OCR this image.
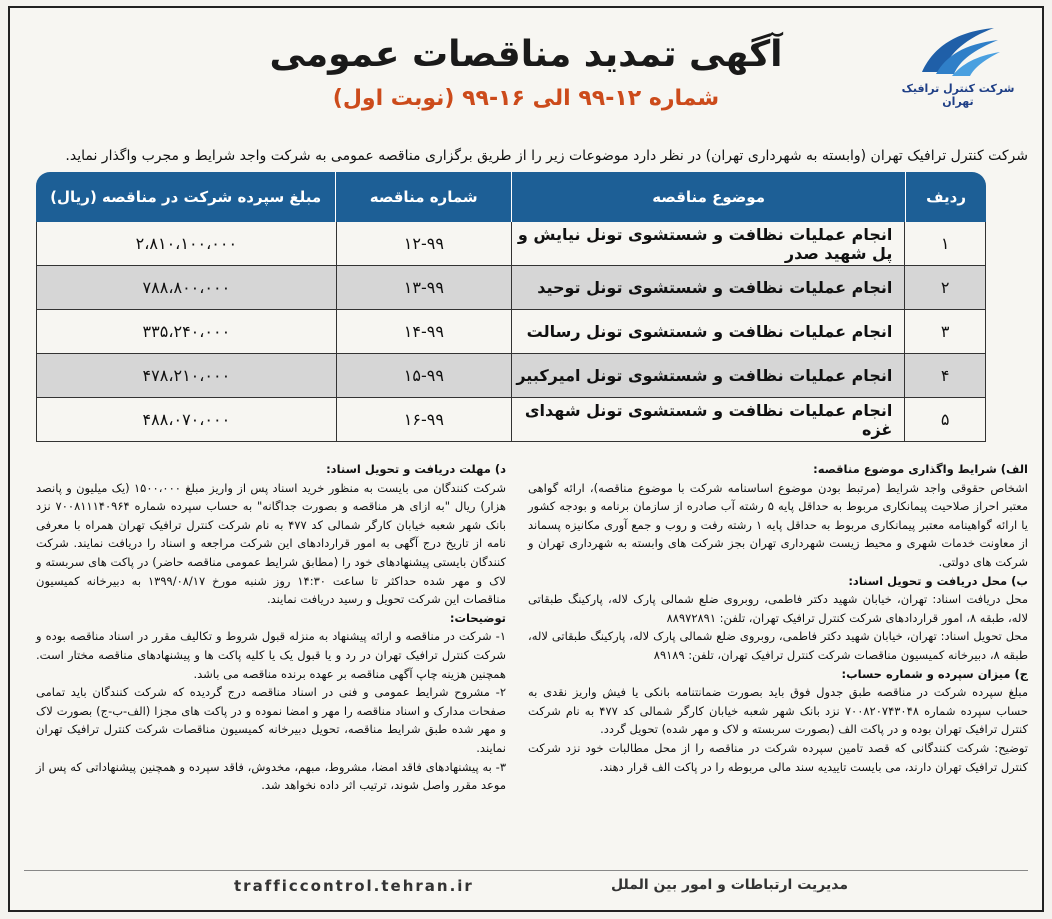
شرکت کنترل ترافیک تهران
آگهی تمدید مناقصات عمومی
شماره ۱۲-۹۹ الی ۱۶-۹۹ (نوبت اول)
شرکت کنترل ترافیک تهران (وابسته به شهرداری تهران) در نظر دارد موضوعات زیر را از طریق برگزاری مناقصه عمومی به شرکت واجد شرایط و مجرب واگذار نماید.
ردیف
موضوع مناقصه
شماره مناقصه
مبلغ سپرده شرکت در مناقصه (ریال)
۱
انجام عملیات نظافت و شستشوی تونل نیایش و پل شهید صدر
۱۲-۹۹
۲،۸۱۰،۱۰۰،۰۰۰
۲
انجام عملیات نظافت و شستشوی تونل توحید
۱۳-۹۹
۷۸۸،۸۰۰،۰۰۰
۳
انجام عملیات نظافت و شستشوی تونل رسالت
۱۴-۹۹
۳۳۵،۲۴۰،۰۰۰
۴
انجام عملیات نظافت و شستشوی تونل امیرکبیر
۱۵-۹۹
۴۷۸،۲۱۰،۰۰۰
۵
انجام عملیات نظافت و شستشوی تونل شهدای غزه
۱۶-۹۹
۴۸۸،۰۷۰،۰۰۰

الف) شرایط واگذاری موضوع مناقصه:

اشخاص حقوقی واجد شرایط (مرتبط بودن موضوع اساسنامه شرکت با موضوع مناقصه)، ارائه گواهی معتبر احراز صلاحیت پیمانکاری مربوط به حداقل پایه ۵ رشته آب صادره از سازمان برنامه و بودجه کشور یا ارائه گواهینامه معتبر پیمانکاری مربوط به حداقل پایه ۱ رشته رفت و روب و جمع آوری مکانیزه پسماند از معاونت خدمات شهری و محیط زیست شهرداری تهران بجز شرکت های وابسته به شهرداری تهران و شرکت های دولتی.

ب) محل دریافت و تحویل اسناد:

محل دریافت اسناد: تهران، خیابان شهید دکتر فاطمی، روبروی ضلع شمالی پارک لاله، پارکینگ طبقاتی لاله، طبقه ۸، امور قراردادهای شرکت کنترل ترافیک تهران، تلفن: ۸۸۹۷۲۸۹۱

محل تحویل اسناد: تهران، خیابان شهید دکتر فاطمی، روبروی ضلع شمالی پارک لاله، پارکینگ طبقاتی لاله، طبقه ۸، دبیرخانه کمیسیون مناقصات شرکت کنترل ترافیک تهران، تلفن: ۸۹۱۸۹

ج) میزان سپرده و شماره حساب:

مبلغ سپرده شرکت در مناقصه طبق جدول فوق باید بصورت ضمانتنامه بانکی یا فیش واریز نقدی به حساب سپرده شماره ۷۰۰۸۲۰۷۴۳۰۴۸ نزد بانک شهر شعبه خیابان کارگر شمالی کد ۴۷۷ به نام شرکت کنترل ترافیک تهران بوده و در پاکت الف (بصورت سربسته و لاک و مهر شده) تحویل گردد.

توضیح: شرکت کنندگانی که قصد تامین سپرده شرکت در مناقصه را از محل مطالبات خود نزد شرکت کنترل ترافیک تهران دارند، می بایست تاییدیه سند مالی مربوطه را در پاکت الف قرار دهند.

د) مهلت دریافت و تحویل اسناد:

شرکت کنندگان می بایست به منظور خرید اسناد پس از واریز مبلغ ۱۵۰۰،۰۰۰ (یک میلیون و پانصد هزار) ریال "به ازای هر مناقصه و بصورت جداگانه" به حساب سپرده شماره ۷۰۰۸۱۱۱۴۰۹۶۴ نزد بانک شهر شعبه خیابان کارگر شمالی کد ۴۷۷ به نام شرکت کنترل ترافیک تهران همراه با معرفی نامه از تاریخ درج آگهی به امور قراردادهای این شرکت مراجعه و اسناد را دریافت نمایند. شرکت کنندگان بایستی پیشنهادهای خود را (مطابق شرایط عمومی مناقصه حاضر) در پاکت های سربسته و لاک و مهر شده حداکثر تا ساعت ۱۴:۳۰ روز شنبه مورخ ۱۳۹۹/۰۸/۱۷ به دبیرخانه کمیسیون مناقصات این شرکت تحویل و رسید دریافت نمایند.

توضیحات:

۱- شرکت در مناقصه و ارائه پیشنهاد به منزله قبول شروط و تکالیف مقرر در اسناد مناقصه بوده و شرکت کنترل ترافیک تهران در رد و یا قبول یک یا کلیه پاکت ها و پیشنهادهای مناقصه مختار است. همچنین هزینه چاپ آگهی مناقصه بر عهده برنده مناقصه می باشد.

۲- مشروح شرایط عمومی و فنی در اسناد مناقصه درج گردیده که شرکت کنندگان باید تمامی صفحات مدارک و اسناد مناقصه را مهر و امضا نموده و در پاکت های مجزا (الف-ب-ج) بصورت لاک و مهر شده طبق شرایط مناقصه، تحویل دبیرخانه کمیسیون مناقصات شرکت کنترل ترافیک تهران نمایند.

۳- به پیشنهادهای فاقد امضا، مشروط، مبهم، مخدوش، فاقد سپرده و همچنین پیشنهاداتی که پس از موعد مقرر واصل شوند، ترتیب اثر داده نخواهد شد.

trafficcontrol.tehran.ir	مدیریت ارتباطات و امور بین الملل
